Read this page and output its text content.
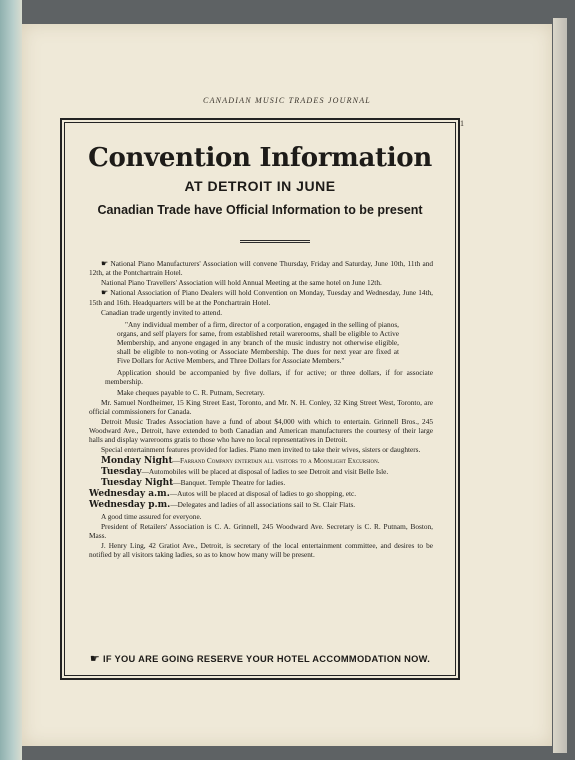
CANADIAN MUSIC TRADES JOURNAL
1
Convention Information
AT DETROIT IN JUNE
Canadian Trade have Official Information to be present

☛ National Piano Manufacturers' Association will convene Thursday, Friday and Saturday, June 10th, 11th and 12th, at the Pontchartrain Hotel.

National Piano Travellers' Association will hold Annual Meeting at the same hotel on June 12th.

☛ National Association of Piano Dealers will hold Convention on Monday, Tuesday and Wednesday, June 14th, 15th and 16th. Headquarters will be at the Ponchartrain Hotel.

Canadian trade urgently invited to attend.

"Any individual member of a firm, director of a corporation, engaged in the selling of pianos, organs, and self players for same, from established retail warerooms, shall be eligible to Active Membership, and anyone engaged in any branch of the music industry not otherwise eligible, shall be eligible to non-voting or Associate Membership. The dues for next year are fixed at Five Dollars for Active Members, and Three Dollars for Associate Members."

Application should be accompanied by five dollars, if for active; or three dollars, if for associate membership.

Make cheques payable to C. R. Putnam, Secretary.

Mr. Samuel Nordheimer, 15 King Street East, Toronto, and Mr. N. H. Conley, 32 King Street West, Toronto, are official commissioners for Canada.

Detroit Music Trades Association have a fund of about $4,000 with which to entertain. Grinnell Bros., 245 Woodward Ave., Detroit, have extended to both Canadian and American manufacturers the courtesy of their large halls and display warerooms gratis to those who have no local representatives in Detroit.

Special entertainment features provided for ladies. Piano men invited to take their wives, sisters or daughters.

Monday Night—Farrand Company entertain all visitors to a Moonlight Excursion.

Tuesday—Automobiles will be placed at disposal of ladies to see Detroit and visit Belle Isle.

Tuesday Night—Banquet. Temple Theatre for ladies.

Wednesday a.m.—Autos will be placed at disposal of ladies to go shopping, etc.

Wednesday p.m.—Delegates and ladies of all associations sail to St. Clair Flats.

A good time assured for everyone.

President of Retailers' Association is C. A. Grinnell, 245 Woodward Ave. Secretary is C. R. Putnam, Boston, Mass.

J. Henry Ling, 42 Gratiot Ave., Detroit, is secretary of the local entertainment committee, and desires to be notified by all visitors taking ladies, so as to know how many will be present.

☛ IF YOU ARE GOING RESERVE YOUR HOTEL ACCOMMODATION NOW.
